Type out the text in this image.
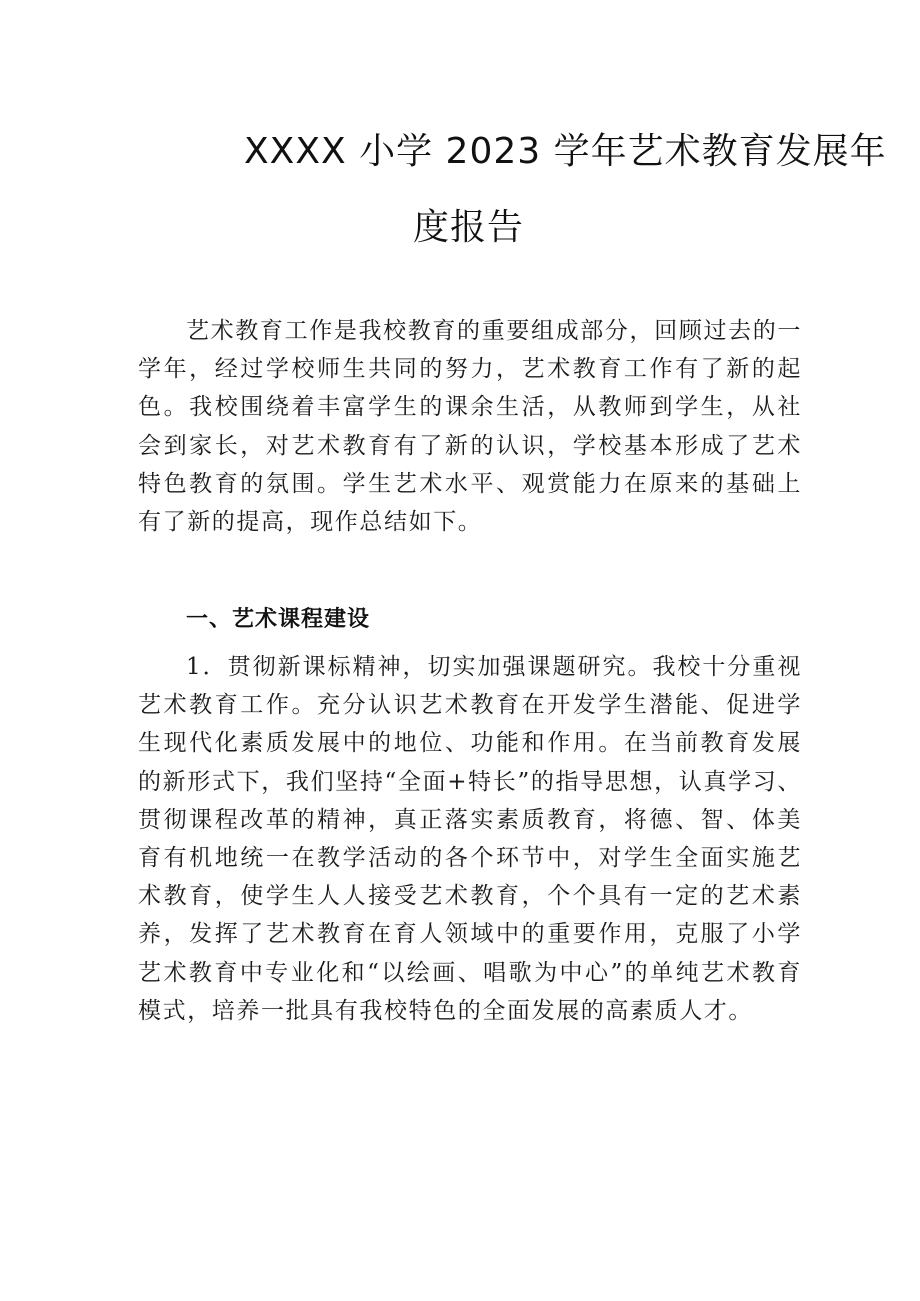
XXXX 小学 2023 学年艺术教育发展年
度报告

艺术教育工作是我校教育的重要组成部分，回顾过去的一学年，经过学校师生共同的努力，艺术教育工作有了新的起色。我校围绕着丰富学生的课余生活，从教师到学生，从社会到家长，对艺术教育有了新的认识，学校基本形成了艺术特色教育的氛围。学生艺术水平、观赏能力在原来的基础上有了新的提高，现作总结如下。

一、艺术课程建设

1．贯彻新课标精神，切实加强课题研究。我校十分重视艺术教育工作。充分认识艺术教育在开发学生潜能、促进学生现代化素质发展中的地位、功能和作用。在当前教育发展的新形式下，我们坚持“全面+特长”的指导思想，认真学习、贯彻课程改革的精神，真正落实素质教育，将德、智、体美育有机地统一在教学活动的各个环节中，对学生全面实施艺术教育，使学生人人接受艺术教育，个个具有一定的艺术素养，发挥了艺术教育在育人领域中的重要作用，克服了小学艺术教育中专业化和“以绘画、唱歌为中心”的单纯艺术教育模式，培养一批具有我校特色的全面发展的高素质人才。
